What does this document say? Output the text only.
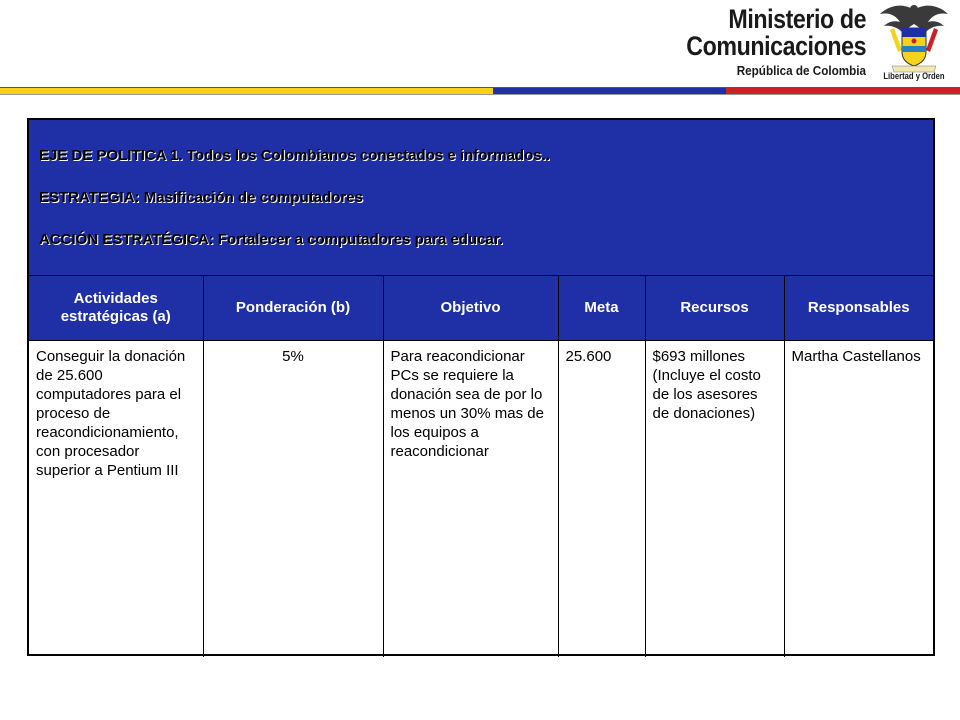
Ministerio de
Comunicaciones
República de Colombia	Libertad y Orden
EJE DE POLITICA 1. Todos los Colombianos conectados e informados..
ESTRATEGIA: Masificación de computadores
ACCIÓN ESTRATÉGICA: Fortalecer a computadores para educar.
Actividades estratégicas (a)	Ponderación (b)	Objetivo	Meta	Recursos	Responsables
Conseguir la donación de 25.600 computadores para el proceso de reacondicionamiento, con procesador superior a Pentium III	5%	Para reacondicionar PCs se requiere la donación sea de por lo menos un 30% mas de los equipos a reacondicionar	25.600	$693 millones (Incluye el costo de los asesores de donaciones)	Martha Castellanos
